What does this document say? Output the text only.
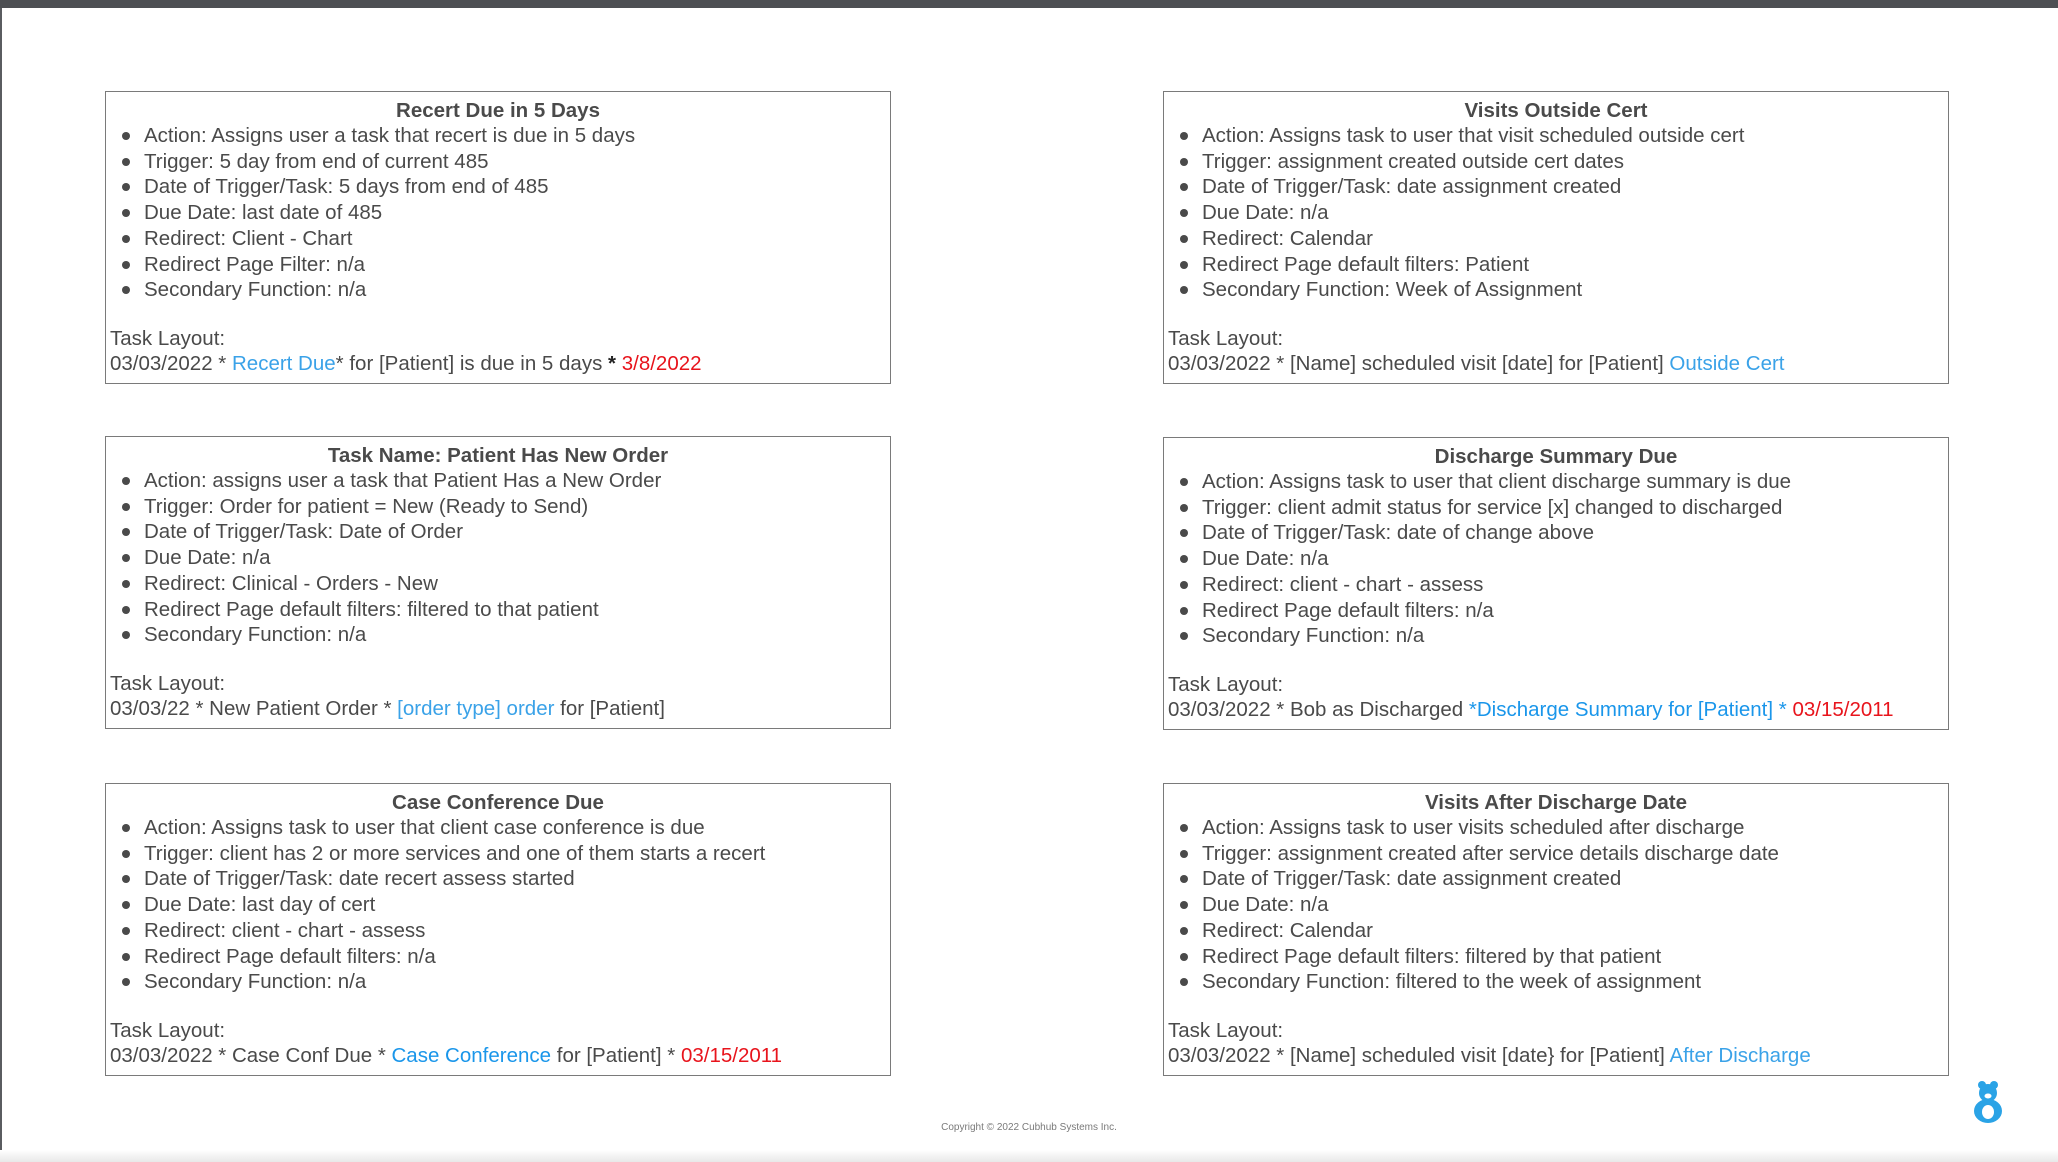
Recert Due in 5 Days
Action: Assigns user a task that recert is due in 5 days
Trigger: 5 day from end of current 485
Date of Trigger/Task: 5 days from end of 485
Due Date: last date of 485
Redirect: Client - Chart
Redirect Page Filter: n/a
Secondary Function: n/a
Task Layout:
03/03/2022 * Recert Due* for [Patient] is due in 5 days * 3/8/2022
Visits Outside Cert
Action: Assigns task to user that visit scheduled outside cert
Trigger: assignment created outside cert dates
Date of Trigger/Task: date assignment created
Due Date: n/a
Redirect: Calendar
Redirect Page default filters: Patient
Secondary Function: Week of Assignment
Task Layout:
03/03/2022 * [Name] scheduled visit [date] for [Patient] Outside Cert
Task Name: Patient Has New Order
Action: assigns user a task that Patient Has a New Order
Trigger: Order for patient = New (Ready to Send)
Date of Trigger/Task: Date of Order
Due Date: n/a
Redirect: Clinical - Orders - New
Redirect Page default filters: filtered to that patient
Secondary Function: n/a
Task Layout:
03/03/22 * New Patient Order * [order type] order for [Patient]
Discharge Summary Due
Action: Assigns task to user that client discharge summary is due
Trigger: client admit status for service [x] changed to discharged
Date of Trigger/Task: date of change above
Due Date: n/a
Redirect: client - chart - assess
Redirect Page default filters: n/a
Secondary Function: n/a
Task Layout:
03/03/2022 * Bob as Discharged *Discharge Summary for [Patient] * 03/15/2011
Case Conference Due
Action: Assigns task to user that client case conference is due
Trigger: client has 2 or more services and one of them starts a recert
Date of Trigger/Task: date recert assess started
Due Date: last day of cert
Redirect: client - chart - assess
Redirect Page default filters: n/a
Secondary Function: n/a
Task Layout:
03/03/2022 * Case Conf Due * Case Conference for [Patient] * 03/15/2011
Visits After Discharge Date
Action: Assigns task to user visits scheduled after discharge
Trigger: assignment created after service details discharge date
Date of Trigger/Task: date assignment created
Due Date: n/a
Redirect: Calendar
Redirect Page default filters: filtered by that patient
Secondary Function: filtered to the week of assignment
Task Layout:
03/03/2022 * [Name] scheduled visit [date} for [Patient] After Discharge
Copyright © 2022 Cubhub Systems Inc.
